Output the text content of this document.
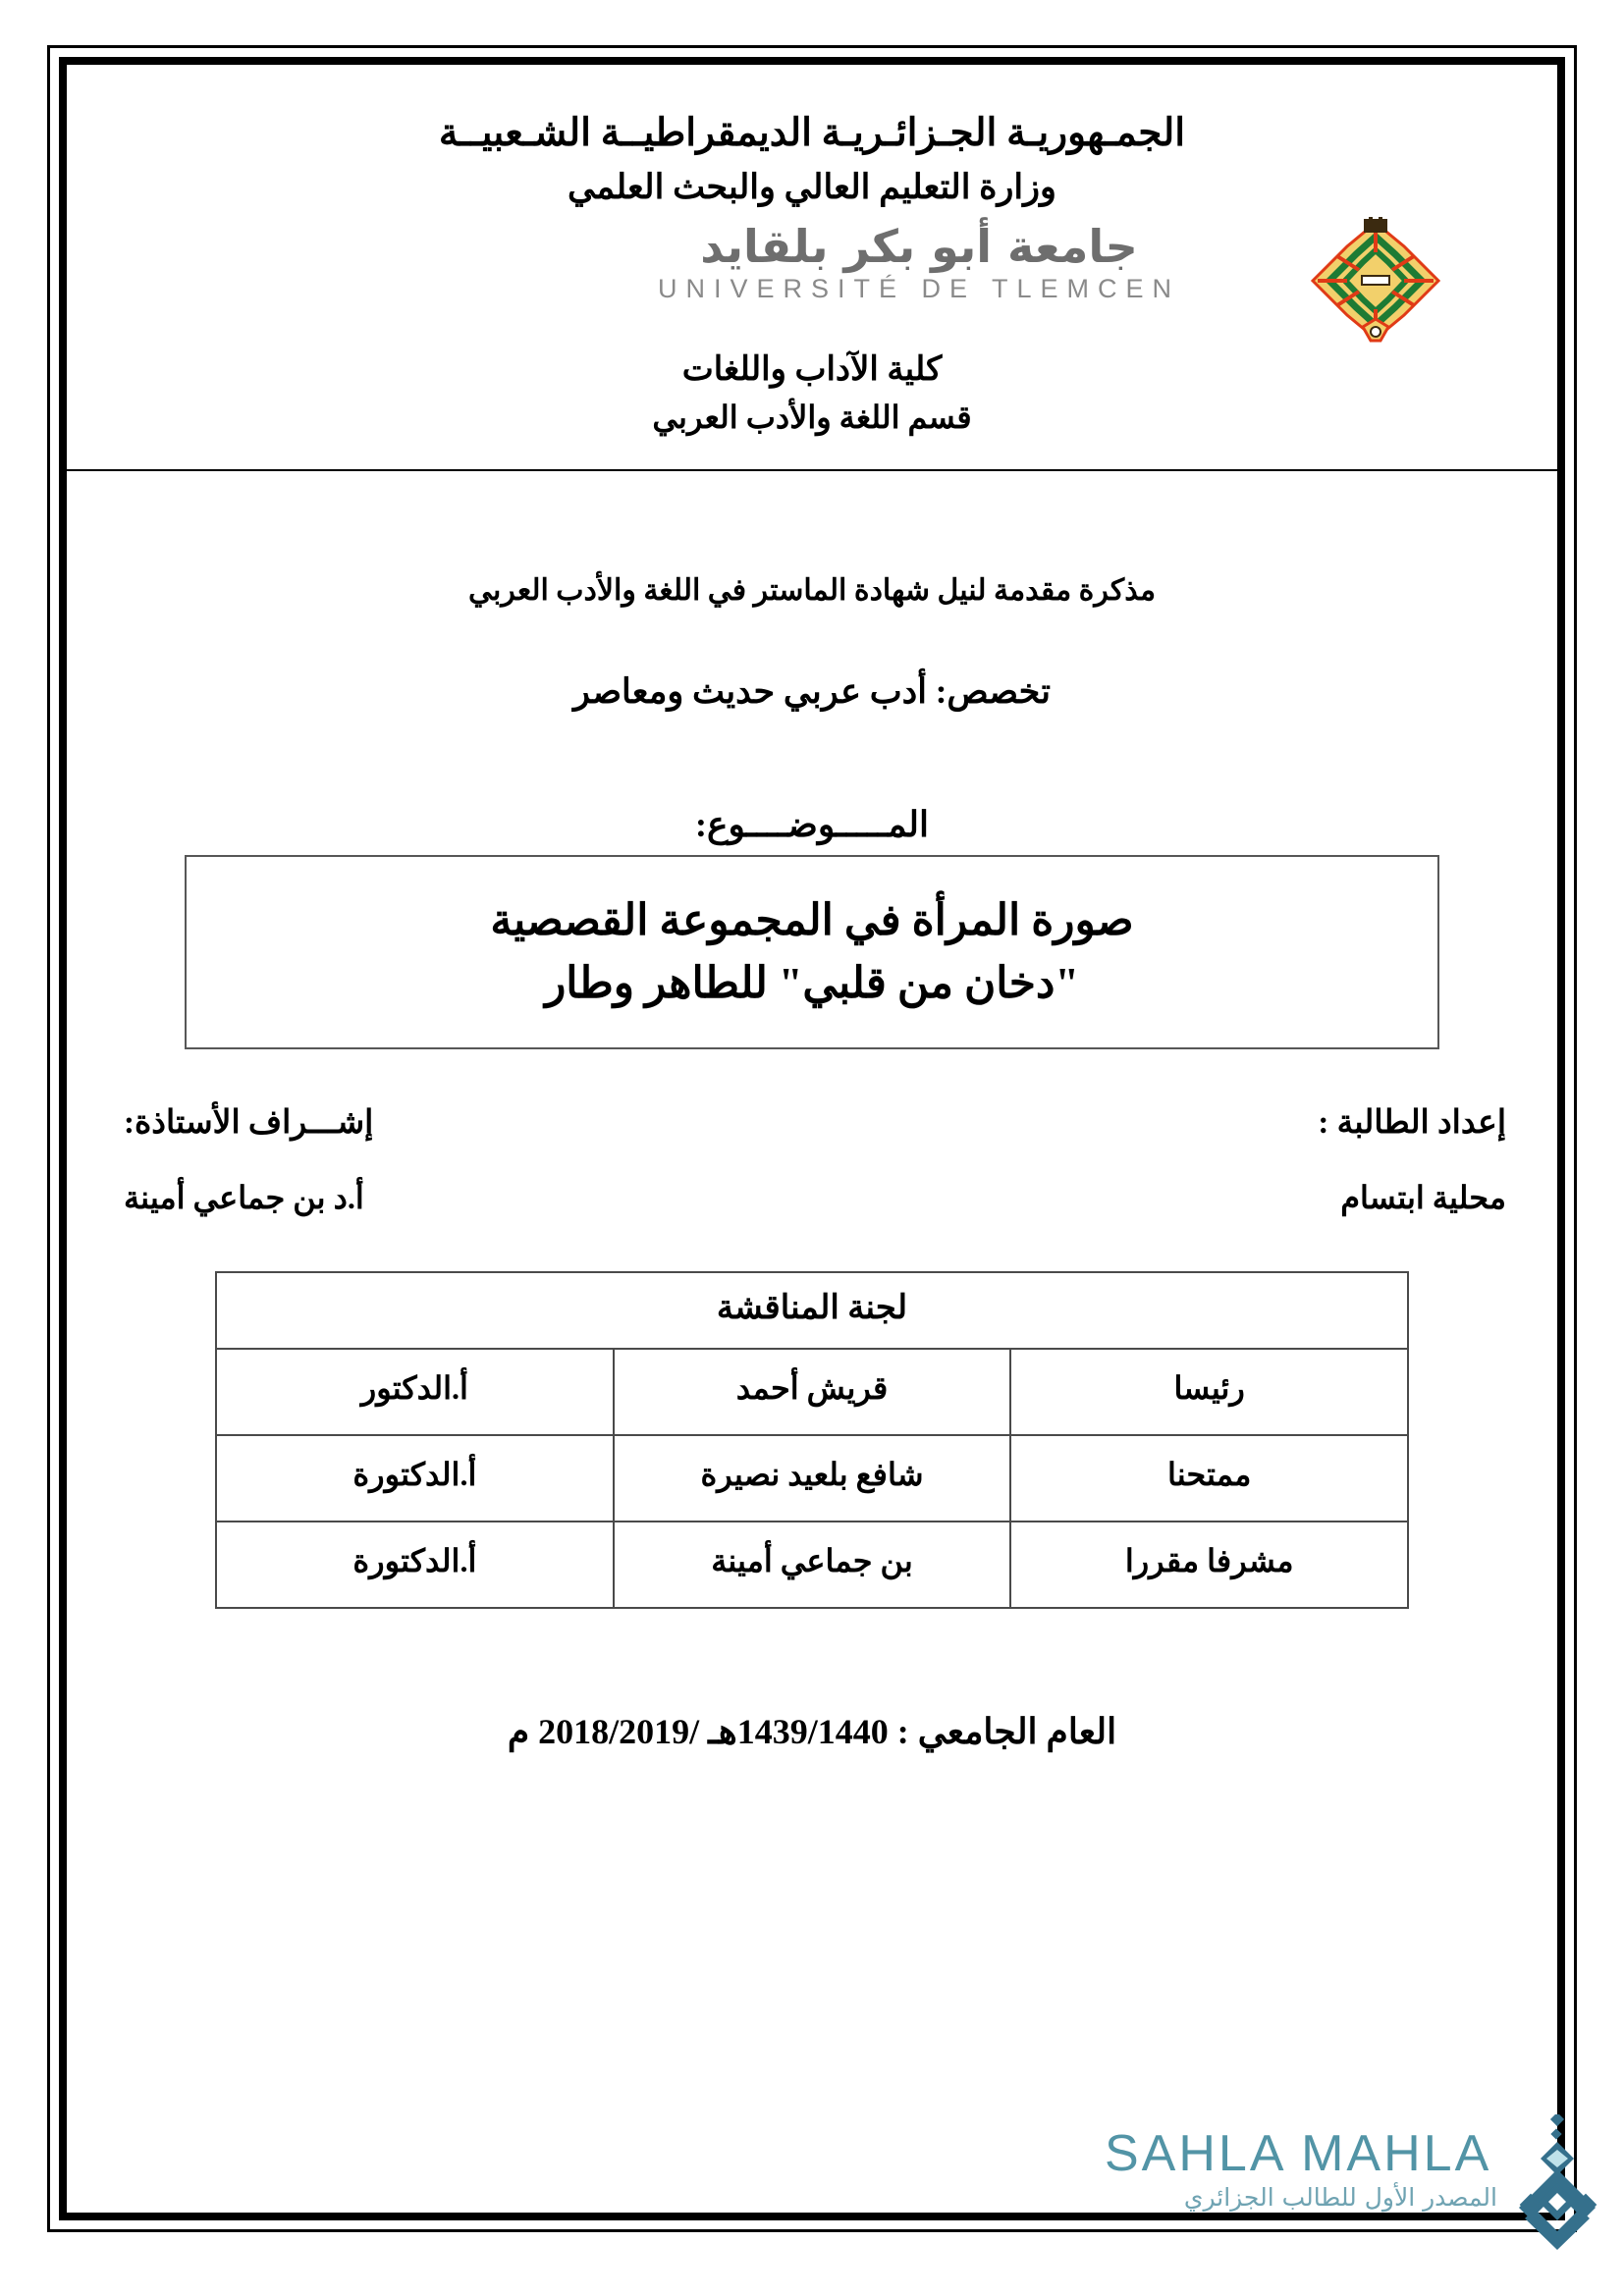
الجمـهوريـة الجـزائـريـة الديمقراطيــة الشـعبيــة
وزارة التعليم العالي والبحث العلمي
جامعة أبو بكر بلقايد
UNIVERSITÉ DE TLEMCEN
كلية الآداب واللغات
قسم اللغة والأدب العربي
مذكرة مقدمة لنيل شهادة الماستر في اللغة والأدب العربي
تخصص: أدب عربي حديث ومعاصر
المـــــوضــــوع:
صورة المرأة في المجموعة القصصية
"دخان من قلبي" للطاهر وطار
إعداد الطالبة :
إشـــراف الأستاذة:
محلية ابتسام
أ.د بن جماعي أمينة
لجنة المناقشة		
رئيسا	قريش أحمد	أ.الدكتور
ممتحنا	شافع بلعيد نصيرة	أ.الدكتورة
مشرفا مقررا	بن جماعي أمينة	أ.الدكتورة
العام الجامعي : 1439/1440هـ /2018/2019 م
SAHLA MAHLA
المصدر الأول للطالب الجزائري
